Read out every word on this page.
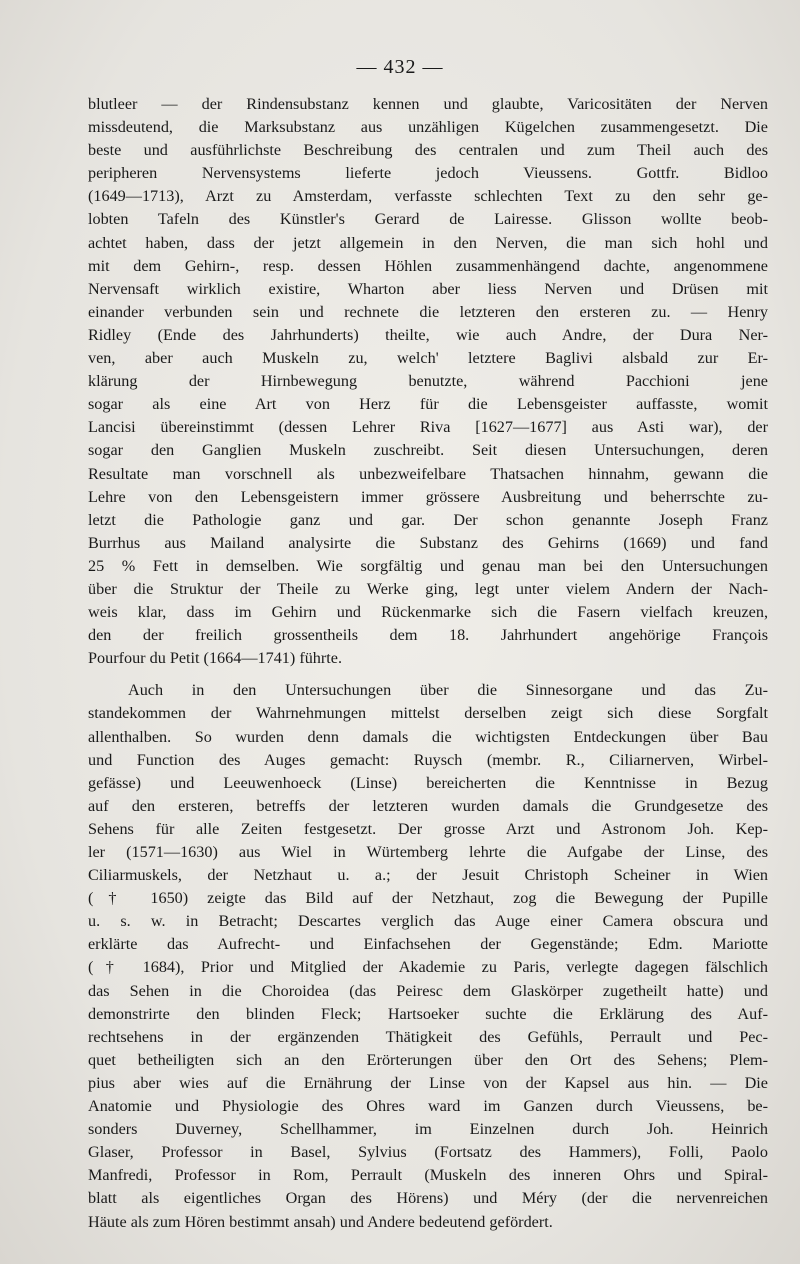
— 432 —
blutleer — der Rindensubstanz kennen und glaubte, Varicositäten der Nerven
missdeutend, die Marksubstanz aus unzähligen Kügelchen zusammengesetzt. Die
beste und ausführlichste Beschreibung des centralen und zum Theil auch des
peripheren Nervensystems lieferte jedoch Vieussens. Gottfr. Bidloo
(1649—1713), Arzt zu Amsterdam, verfasste schlechten Text zu den sehr ge-
lobten Tafeln des Künstler's Gerard de Lairesse. Glisson wollte beob-
achtet haben, dass der jetzt allgemein in den Nerven, die man sich hohl und
mit dem Gehirn-, resp. dessen Höhlen zusammenhängend dachte, angenommene
Nervensaft wirklich existire, Wharton aber liess Nerven und Drüsen mit
einander verbunden sein und rechnete die letzteren den ersteren zu. — Henry
Ridley (Ende des Jahrhunderts) theilte, wie auch Andre, der Dura Ner-
ven, aber auch Muskeln zu, welch' letztere Baglivi alsbald zur Er-
klärung der Hirnbewegung benutzte, während Pacchioni jene
sogar als eine Art von Herz für die Lebensgeister auffasste, womit
Lancisi übereinstimmt (dessen Lehrer Riva [1627—1677] aus Asti war), der
sogar den Ganglien Muskeln zuschreibt. Seit diesen Untersuchungen, deren
Resultate man vorschnell als unbezweifelbare Thatsachen hinnahm, gewann die
Lehre von den Lebensgeistern immer grössere Ausbreitung und beherrschte zu-
letzt die Pathologie ganz und gar. Der schon genannte Joseph Franz
Burrhus aus Mailand analysirte die Substanz des Gehirns (1669) und fand
25 % Fett in demselben. Wie sorgfältig und genau man bei den Untersuchungen
über die Struktur der Theile zu Werke ging, legt unter vielem Andern der Nach-
weis klar, dass im Gehirn und Rückenmarke sich die Fasern vielfach kreuzen,
den der freilich grossentheils dem 18. Jahrhundert angehörige François
Pourfour du Petit (1664—1741) führte.
Auch in den Untersuchungen über die Sinnesorgane und das Zu-
standekommen der Wahrnehmungen mittelst derselben zeigt sich diese Sorgfalt
allenthalben. So wurden denn damals die wichtigsten Entdeckungen über Bau
und Function des Auges gemacht: Ruysch (membr. R., Ciliarnerven, Wirbel-
gefässe) und Leeuwenhoeck (Linse) bereicherten die Kenntnisse in Bezug
auf den ersteren, betreffs der letzteren wurden damals die Grundgesetze des
Sehens für alle Zeiten festgesetzt. Der grosse Arzt und Astronom Joh. Kep-
ler (1571—1630) aus Wiel in Würtemberg lehrte die Aufgabe der Linse, des
Ciliarmuskels, der Netzhaut u. a.; der Jesuit Christoph Scheiner in Wien
(† 1650) zeigte das Bild auf der Netzhaut, zog die Bewegung der Pupille
u. s. w. in Betracht; Descartes verglich das Auge einer Camera obscura und
erklärte das Aufrecht- und Einfachsehen der Gegenstände; Edm. Mariotte
(† 1684), Prior und Mitglied der Akademie zu Paris, verlegte dagegen fälschlich
das Sehen in die Choroidea (das Peiresc dem Glaskörper zugetheilt hatte) und
demonstrirte den blinden Fleck; Hartsoeker suchte die Erklärung des Auf-
rechtsehens in der ergänzenden Thätigkeit des Gefühls, Perrault und Pec-
quet betheiligten sich an den Erörterungen über den Ort des Sehens; Plem-
pius aber wies auf die Ernährung der Linse von der Kapsel aus hin. — Die
Anatomie und Physiologie des Ohres ward im Ganzen durch Vieussens, be-
sonders Duverney, Schellhammer, im Einzelnen durch Joh. Heinrich
Glaser, Professor in Basel, Sylvius (Fortsatz des Hammers), Folli, Paolo
Manfredi, Professor in Rom, Perrault (Muskeln des inneren Ohrs und Spiral-
blatt als eigentliches Organ des Hörens) und Méry (der die nervenreichen
Häute als zum Hören bestimmt ansah) und Andere bedeutend gefördert.
